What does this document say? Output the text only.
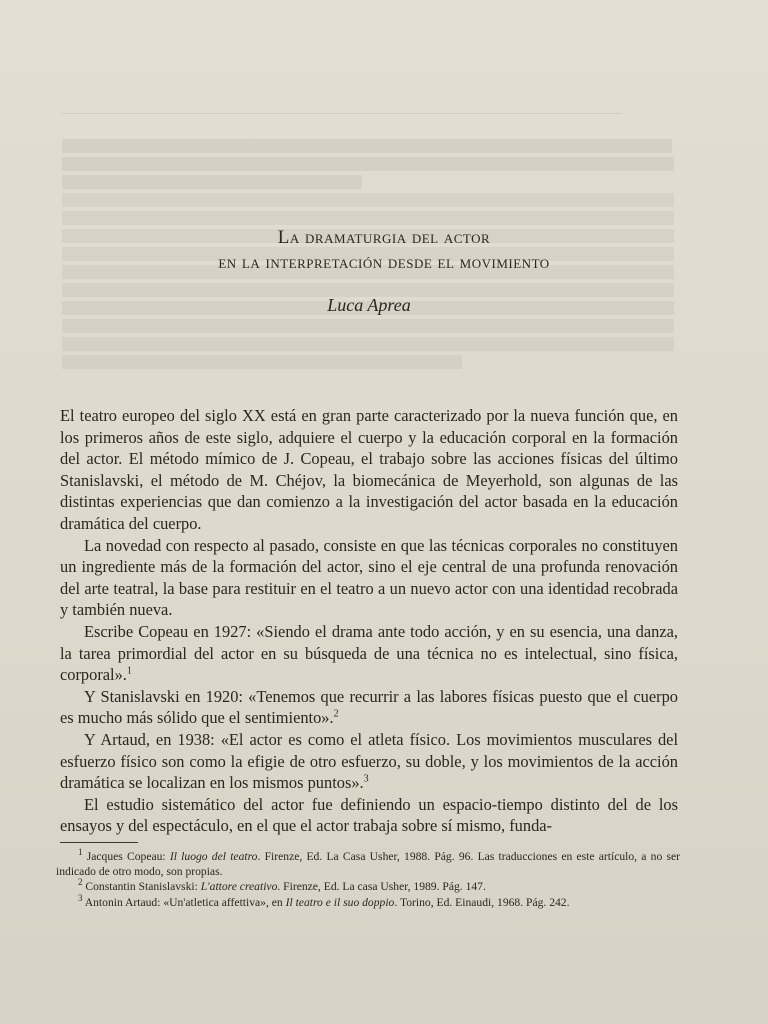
La dramaturgia del actor
en la interpretación desde el movimiento
Luca Aprea

El teatro europeo del siglo XX está en gran parte caracterizado por la nueva función que, en los primeros años de este siglo, adquiere el cuerpo y la educación corporal en la formación del actor. El método mímico de J. Copeau, el trabajo sobre las acciones físicas del último Stanislavski, el método de M. Chéjov, la biomecánica de Meyerhold, son algunas de las distintas experiencias que dan comienzo a la investigación del actor basada en la educación dramática del cuerpo.

La novedad con respecto al pasado, consiste en que las técnicas corporales no constituyen un ingrediente más de la formación del actor, sino el eje central de una profunda renovación del arte teatral, la base para restituir en el teatro a un nuevo actor con una identidad recobrada y también nueva.

Escribe Copeau en 1927: «Siendo el drama ante todo acción, y en su esencia, una danza, la tarea primordial del actor en su búsqueda de una técnica no es intelectual, sino física, corporal».$^1$

Y Stanislavski en 1920: «Tenemos que recurrir a las labores físicas puesto que el cuerpo es mucho más sólido que el sentimiento».$^2$

Y Artaud, en 1938: «El actor es como el atleta físico. Los movimientos musculares del esfuerzo físico son como la efigie de otro esfuerzo, su doble, y los movimientos de la acción dramática se localizan en los mismos puntos».$^3$

El estudio sistemático del actor fue definiendo un espacio-tiempo distinto del de los ensayos y del espectáculo, en el que el actor trabaja sobre sí mismo, funda-

$^1$ Jacques Copeau: Il luogo del teatro. Firenze, Ed. La Casa Usher, 1988. Pág. 96. Las traducciones en este artículo, a no ser indicado de otro modo, son propias.

$^2$ Constantin Stanislavski: L'attore creativo. Firenze, Ed. La casa Usher, 1989. Pág. 147.

$^3$ Antonin Artaud: «Un'atletica affettiva», en Il teatro e il suo doppio. Torino, Ed. Einaudi, 1968. Pág. 242.
